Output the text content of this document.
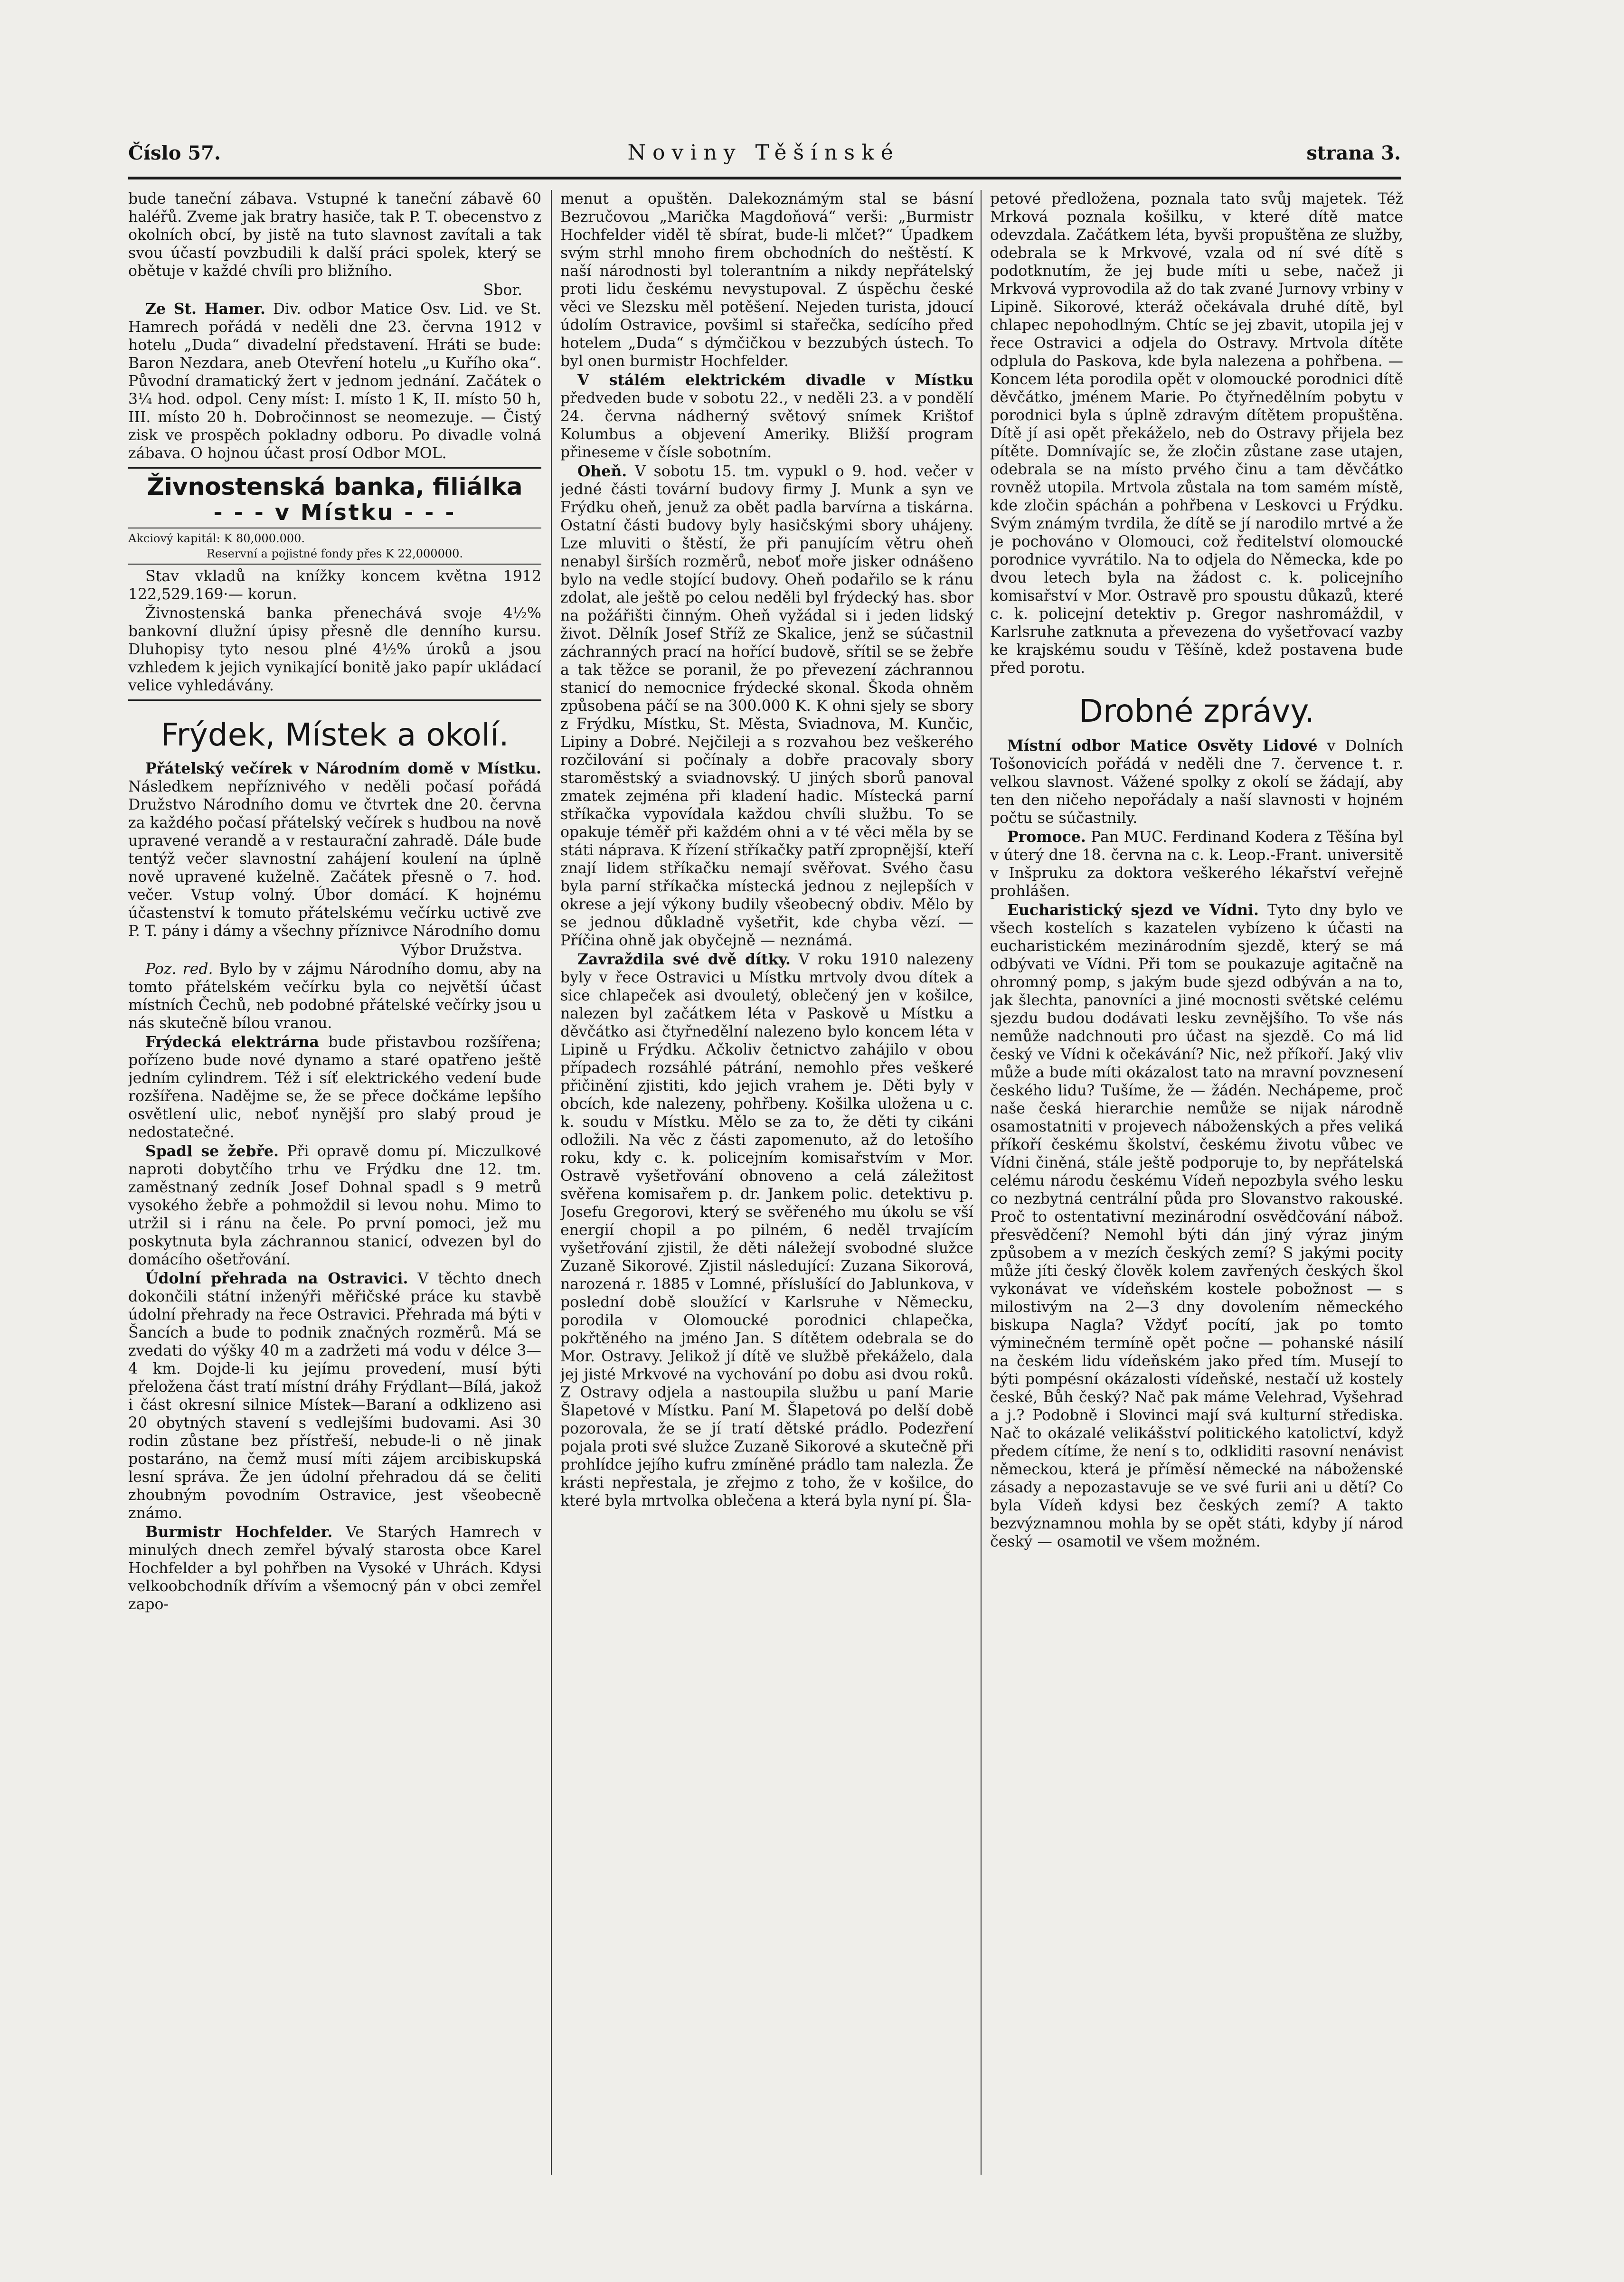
Číslo 57.	Noviny Těšínské	strana 3.

bude taneční zábava. Vstupné k taneční zábavě 60 haléřů. Zveme jak bratry hasiče, tak P. T. obecenstvo z okolních obcí, by jistě na tuto slavnost zavítali a tak svou účastí povzbudili k další práci spolek, který se obětuje v každé chvíli pro bližního.

Sbor.

Ze St. Hamer. Div. odbor Matice Osv. Lid. ve St. Hamrech pořádá v neděli dne 23. června 1912 v hotelu „Duda“ divadelní představení. Hráti se bude: Baron Nezdara, aneb Otevření hotelu „u Kuřího oka“. Původní dramatický žert v jednom jednání. Začátek o 3¼ hod. odpol. Ceny míst: I. místo 1 K, II. místo 50 h, III. místo 20 h. Dobročinnost se neomezuje. — Čistý zisk ve prospěch pokladny odboru. Po divadle volná zábava. O hojnou účast prosí Odbor MOL.

Živnostenská banka, filiálka
- - - v Místku - - -

Akciový kapitál: K 80,000.000.

Reservní a pojistné fondy přes K 22,000000.

Stav vkladů na knížky koncem května 1912 122,529.169·— korun.

Živnostenská banka přenechává svoje 4½% bankovní dlužní úpisy přesně dle denního kursu. Dluhopisy tyto nesou plné 4½% úroků a jsou vzhledem k jejich vynikající bonitě jako papír ukládací velice vyhledávány.

Frýdek, Místek a okolí.

Přátelský večírek v Národním domě v Místku. Následkem nepříznivého v neděli počasí pořádá Družstvo Národního domu ve čtvrtek dne 20. června za každého počasí přátelský večírek s hudbou na nově upravené verandě a v restaurační zahradě. Dále bude tentýž večer slavnostní zahájení koulení na úplně nově upravené kuželně. Začátek přesně o 7. hod. večer. Vstup volný. Úbor domácí. K hojnému účastenství k tomuto přátelskému večírku uctivě zve P. T. pány i dámy a všechny příznivce Národního domu

Výbor Družstva.

Poz. red. Bylo by v zájmu Národního domu, aby na tomto přátelském večírku byla co největší účast místních Čechů, neb podobné přátelské večírky jsou u nás skutečně bílou vranou.

Frýdecká elektrárna bude přistavbou rozšířena; pořízeno bude nové dynamo a staré opatřeno ještě jedním cylindrem. Též i síť elektrického vedení bude rozšířena. Nadějme se, že se přece dočkáme lepšího osvětlení ulic, neboť nynější pro slabý proud je nedostatečné.

Spadl se žebře. Při opravě domu pí. Miczulkové naproti dobytčího trhu ve Frýdku dne 12. tm. zaměstnaný zedník Josef Dohnal spadl s 9 metrů vysokého žebře a pohmoždil si levou nohu. Mimo to utržil si i ránu na čele. Po první pomoci, jež mu poskytnuta byla záchrannou stanicí, odvezen byl do domácího ošetřování.

Údolní přehrada na Ostravici. V těchto dnech dokončili státní inženýři měřičské práce ku stavbě údolní přehrady na řece Ostravici. Přehrada má býti v Šancích a bude to podnik značných rozměrů. Má se zvedati do výšky 40 m a zadržeti má vodu v délce 3—4 km. Dojde-li ku jejímu provedení, musí býti přeložena část tratí místní dráhy Frýdlant—Bílá, jakož i část okresní silnice Místek—Baraní a odklizeno asi 20 obytných stavení s vedlejšími budovami. Asi 30 rodin zůstane bez přístřeší, nebude-li o ně jinak postaráno, na čemž musí míti zájem arcibiskupská lesní správa. Že jen údolní přehradou dá se čeliti zhoubným povodním Ostravice, jest všeobecně známo.

Burmistr Hochfelder. Ve Starých Hamrech v minulých dnech zemřel bývalý starosta obce Karel Hochfelder a byl pohřben na Vysoké v Uhrách. Kdysi velkoobchodník dřívím a všemocný pán v obci zemřel zapo-

menut a opuštěn. Dalekoznámým stal se básní Bezručovou „Marička Magdoňová“ verši: „Burmistr Hochfelder viděl tě sbírat, bude-li mlčet?“ Úpadkem svým strhl mnoho firem obchodních do neštěstí. K naší národnosti byl tolerantním a nikdy nepřátelský proti lidu českému nevystupoval. Z úspěchu české věci ve Slezsku měl potěšení. Nejeden turista, jdoucí údolím Ostravice, povšiml si stařečka, sedícího před hotelem „Duda“ s dýmčičkou v bezzubých ústech. To byl onen burmistr Hochfelder.

V stálém elektrickém divadle v Místku předveden bude v sobotu 22., v neděli 23. a v pondělí 24. června nádherný světový snímek Krištof Kolumbus a objevení Ameriky. Bližší program přineseme v čísle sobotním.

Oheň. V sobotu 15. tm. vypukl o 9. hod. večer v jedné části tovární budovy firmy J. Munk a syn ve Frýdku oheň, jenuž za obět padla barvírna a tiskárna. Ostatní části budovy byly hasičskými sbory uhájeny. Lze mluviti o štěstí, že při panujícím větru oheň nenabyl širších rozměrů, neboť moře jisker odnášeno bylo na vedle stojící budovy. Oheň podařilo se k ránu zdolat, ale ještě po celou neděli byl frýdecký has. sbor na požářišti činným. Oheň vyžádal si i jeden lidský život. Dělník Josef Stříž ze Skalice, jenž se súčastnil záchranných prací na hořící budově, sřítil se se žebře a tak těžce se poranil, že po převezení záchrannou stanicí do nemocnice frýdecké skonal. Škoda ohněm způsobena páčí se na 300.000 K. K ohni sjely se sbory z Frýdku, Místku, St. Města, Sviadnova, M. Kunčic, Lipiny a Dobré. Nejčileji a s rozvahou bez veškerého rozčilování si počínaly a dobře pracovaly sbory staroměstský a sviadnovský. U jiných sborů panoval zmatek zejména při kladení hadic. Místecká parní stříkačka vypovídala každou chvíli službu. To se opakuje téměř při každém ohni a v té věci měla by se státi náprava. K řízení stříkačky patří zpropnější, kteří znají lidem stříkačku nemají svěřovat. Svého času byla parní stříkačka místecká jednou z nejlepších v okrese a její výkony budily všeobecný obdiv. Mělo by se jednou důkladně vyšetřit, kde chyba vězí. — Příčina ohně jak obyčejně — neznámá.

Zavraždila své dvě dítky. V roku 1910 nalezeny byly v řece Ostravici u Místku mrtvoly dvou dítek a sice chlapeček asi dvouletý, oblečený jen v košilce, nalezen byl začátkem léta v Paskově u Místku a děvčátko asi čtyřnedělní nalezeno bylo koncem léta v Lipině u Frýdku. Ačkoliv četnictvo zahájilo v obou případech rozsáhlé pátrání, nemohlo přes veškeré přičinění zjistiti, kdo jejich vrahem je. Děti byly v obcích, kde nalezeny, pohřbeny. Košilka uložena u c. k. soudu v Místku. Mělo se za to, že děti ty cikáni odložili. Na věc z části zapomenuto, až do letošího roku, kdy c. k. policejním komisařstvím v Mor. Ostravě vyšetřování obnoveno a celá záležitost svěřena komisařem p. dr. Jankem polic. detektivu p. Josefu Gregorovi, který se svěřeného mu úkolu se vší energií chopil a po pilném, 6 neděl trvajícím vyšetřování zjistil, že děti náležejí svobodné služce Zuzaně Sikorové. Zjistil následující: Zuzana Sikorová, narozená r. 1885 v Lomné, příslušící do Jablunkova, v poslední době sloužící v Karlsruhe v Německu, porodila v Olomoucké porodnici chlapečka, pokřtěného na jméno Jan. S dítětem odebrala se do Mor. Ostravy. Jelikož jí dítě ve službě překáželo, dala jej jisté Mrkvové na vychování po dobu asi dvou roků. Z Ostravy odjela a nastoupila službu u paní Marie Šlapetové v Místku. Paní M. Šlapetová po delší době pozorovala, že se jí tratí dětské prádlo. Podezření pojala proti své služce Zuzaně Sikorové a skutečně při prohlídce jejího kufru zmíněné prádlo tam nalezla. Že krásti nepřestala, je zřejmo z toho, že v košilce, do které byla mrtvolka oblečena a která byla nyní pí. Šla-

petové předložena, poznala tato svůj majetek. Též Mrková poznala košilku, v které dítě matce odevzdala. Začátkem léta, byvši propuštěna ze služby, odebrala se k Mrkvové, vzala od ní své dítě s podotknutím, že jej bude míti u sebe, načež ji Mrkvová vyprovodila až do tak zvané Jurnovy vrbiny v Lipině. Sikorové, kteráž očekávala druhé dítě, byl chlapec nepohodlným. Chtíc se jej zbavit, utopila jej v řece Ostravici a odjela do Ostravy. Mrtvola dítěte odplula do Paskova, kde byla nalezena a pohřbena. — Koncem léta porodila opět v olomoucké porodnici dítě děvčátko, jménem Marie. Po čtyřnedělním pobytu v porodnici byla s úplně zdravým dítětem propuštěna. Dítě jí asi opět překáželo, neb do Ostravy přijela bez pítěte. Domnívajíc se, že zločin zůstane zase utajen, odebrala se na místo prvého činu a tam děvčátko rovněž utopila. Mrtvola zůstala na tom samém místě, kde zločin spáchán a pohřbena v Leskovci u Frýdku. Svým známým tvrdila, že dítě se jí narodilo mrtvé a že je pochováno v Olomouci, což ředitelství olomoucké porodnice vyvrátilo. Na to odjela do Německa, kde po dvou letech byla na žádost c. k. policejního komisařství v Mor. Ostravě pro spoustu důkazů, které c. k. policejní detektiv p. Gregor nashromáždil, v Karlsruhe zatknuta a převezena do vyšetřovací vazby ke krajskému soudu v Těšíně, kdež postavena bude před porotu.

Drobné zprávy.

Místní odbor Matice Osvěty Lidové v Dolních Tošonovicích pořádá v neděli dne 7. července t. r. velkou slavnost. Vážené spolky z okolí se žádají, aby ten den ničeho nepořádaly a naší slavnosti v hojném počtu se súčastnily.

Promoce. Pan MUC. Ferdinand Kodera z Těšína byl v úterý dne 18. června na c. k. Leop.-Frant. universitě v Inšpruku za doktora veškerého lékařství veřejně prohlášen.

Eucharistický sjezd ve Vídni. Tyto dny bylo ve všech kostelích s kazatelen vybízeno k účasti na eucharistickém mezinárodním sjezdě, který se má odbývati ve Vídni. Při tom se poukazuje agitačně na ohromný pomp, s jakým bude sjezd odbýván a na to, jak šlechta, panovníci a jiné mocnosti světské celému sjezdu budou dodávati lesku zevnějšího. To vše nás nemůže nadchnouti pro účast na sjezdě. Co má lid český ve Vídni k očekávání? Nic, než příkoří. Jaký vliv může a bude míti okázalost tato na mravní povznesení českého lidu? Tušíme, že — žádén. Nechápeme, proč naše česká hierarchie nemůže se nijak národně osamostatniti v projevech náboženských a přes veliká příkoří českému školství, českému životu vůbec ve Vídni činěná, stále ještě podporuje to, by nepřátelská celému národu českému Vídeň nepozbyla svého lesku co nezbytná centrální půda pro Slovanstvo rakouské. Proč to ostentativní mezinárodní osvědčování nábož. přesvědčení? Nemohl býti dán jiný výraz jiným způsobem a v mezích českých zemí? S jakými pocity může jíti český člověk kolem zavřených českých škol vykonávat ve vídeňském kostele pobožnost — s milostivým na 2—3 dny dovolením německého biskupa Nagla? Vždyť pocítí, jak po tomto výminečném termíně opět počne — pohanské násilí na českém lidu vídeňském jako před tím. Musejí to býti pompésní okázalosti vídeňské, nestačí už kostely české, Bůh český? Nač pak máme Velehrad, Vyšehrad a j.? Podobně i Slovinci mají svá kulturní střediska. Nač to okázalé velikášství politického katolictví, když předem cítíme, že není s to, odkliditi rasovní nenávist německou, která je příměsí německé na náboženské zásady a nepozastavuje se ve své furii ani u dětí? Co byla Vídeň kdysi bez českých zemí? A takto bezvýznamnou mohla by se opět státi, kdyby jí národ český — osamotil ve všem možném.
